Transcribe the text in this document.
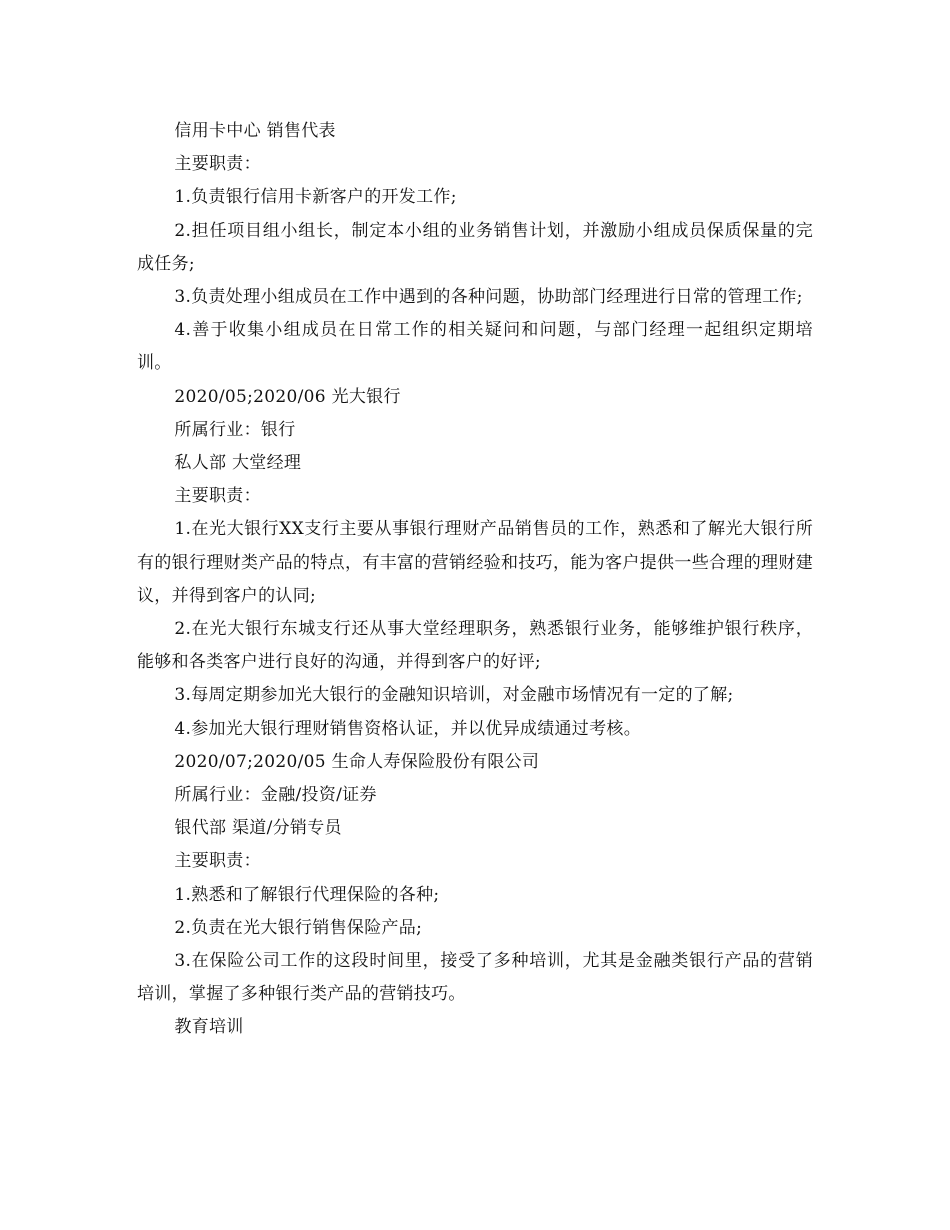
信用卡中心 销售代表

主要职责：

1.负责银行信用卡新客户的开发工作;

2.担任项目组小组长，制定本小组的业务销售计划，并激励小组成员保质保量的完成任务;

3.负责处理小组成员在工作中遇到的各种问题，协助部门经理进行日常的管理工作;

4.善于收集小组成员在日常工作的相关疑问和问题，与部门经理一起组织定期培训。

2020/05;2020/06 光大银行

所属行业：银行

私人部 大堂经理

主要职责：

1.在光大银行XX支行主要从事银行理财产品销售员的工作，熟悉和了解光大银行所有的银行理财类产品的特点，有丰富的营销经验和技巧，能为客户提供一些合理的理财建议，并得到客户的认同;

2.在光大银行东城支行还从事大堂经理职务，熟悉银行业务，能够维护银行秩序，能够和各类客户进行良好的沟通，并得到客户的好评;

3.每周定期参加光大银行的金融知识培训，对金融市场情况有一定的了解;

4.参加光大银行理财销售资格认证，并以优异成绩通过考核。

2020/07;2020/05 生命人寿保险股份有限公司

所属行业：金融/投资/证券

银代部 渠道/分销专员

主要职责：

1.熟悉和了解银行代理保险的各种;

2.负责在光大银行销售保险产品;

3.在保险公司工作的这段时间里，接受了多种培训，尤其是金融类银行产品的营销培训，掌握了多种银行类产品的营销技巧。

教育培训
